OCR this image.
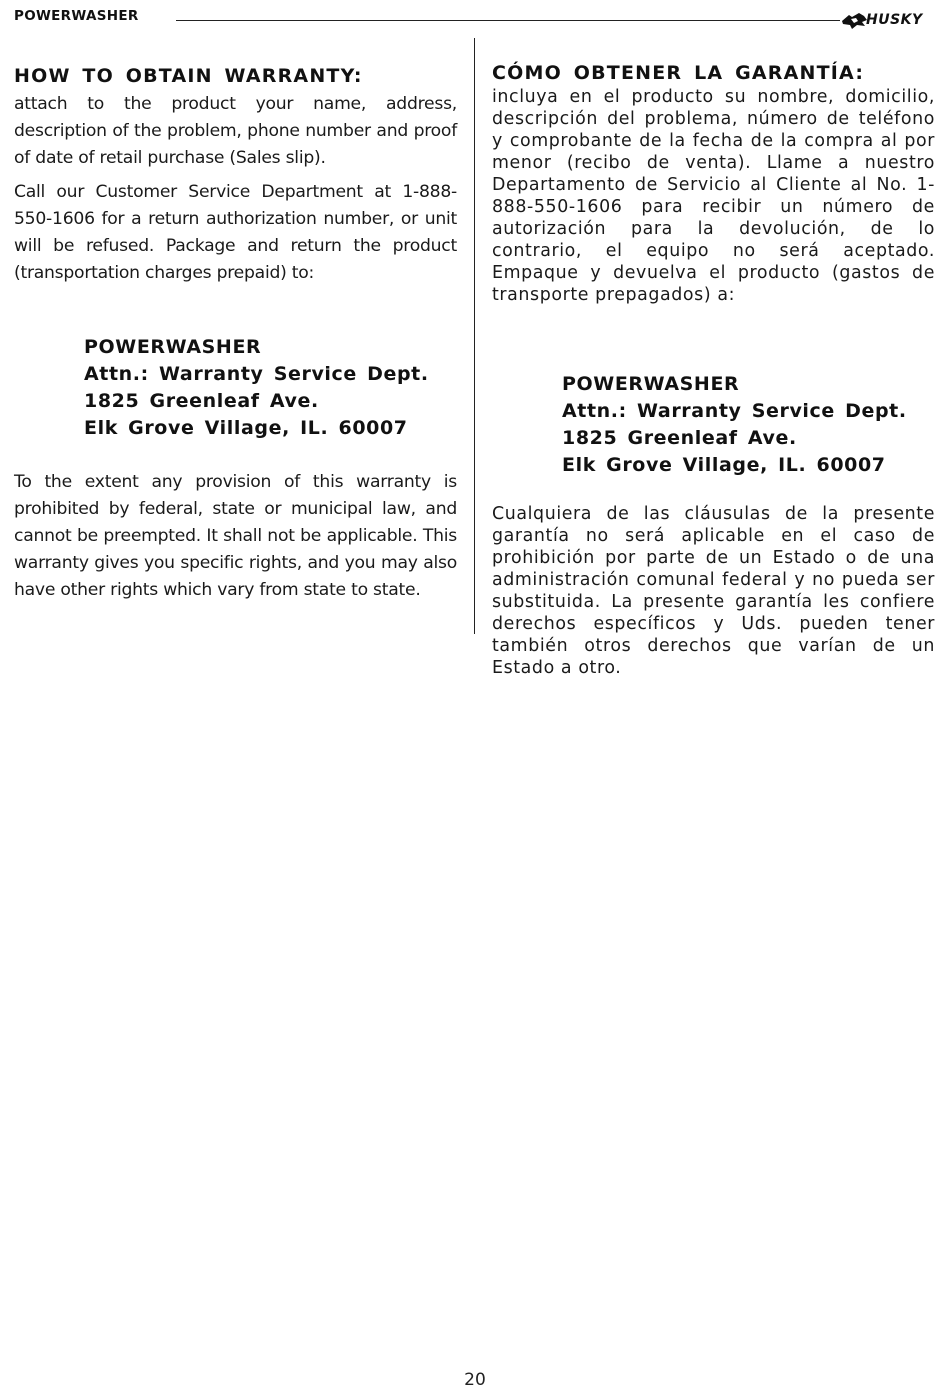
POWERWASHER	HUSKY
HOW TO OBTAIN WARRANTY:

attach to the product your name, address, description of the problem, phone number and proof of date of retail purchase (Sales slip).

Call our Customer Service Department at 1-888-550-1606 for a return authorization number, or unit will be refused. Package and return the product (transportation charges prepaid) to:

POWERWASHER
Attn.: Warranty Service Dept.
1825 Greenleaf Ave.
Elk Grove Village, IL. 60007

To the extent any provision of this warranty is prohibited by federal, state or municipal law, and cannot be preempted. It shall not be applicable. This warranty gives you specific rights, and you may also have other rights which vary from state to state.

CÓMO OBTENER LA GARANTÍA:

incluya en el producto su nombre, domicilio, descripción del problema, número de teléfono y comprobante de la fecha de la compra al por menor (recibo de venta). Llame a nuestro Departamento de Servicio al Cliente al No. 1-888-550-1606 para recibir un número de autorización para la devolución, de lo contrario, el equipo no será aceptado. Empaque y devuelva el producto (gastos de transporte prepagados) a:

POWERWASHER
Attn.: Warranty Service Dept.
1825 Greenleaf Ave.
Elk Grove Village, IL. 60007

Cualquiera de las cláusulas de la presente garantía no será aplicable en el caso de prohibición por parte de un Estado o de una administración comunal federal y no pueda ser substituida. La presente garantía les confiere derechos específicos y Uds. pueden tener también otros derechos que varían de un Estado a otro.

20
